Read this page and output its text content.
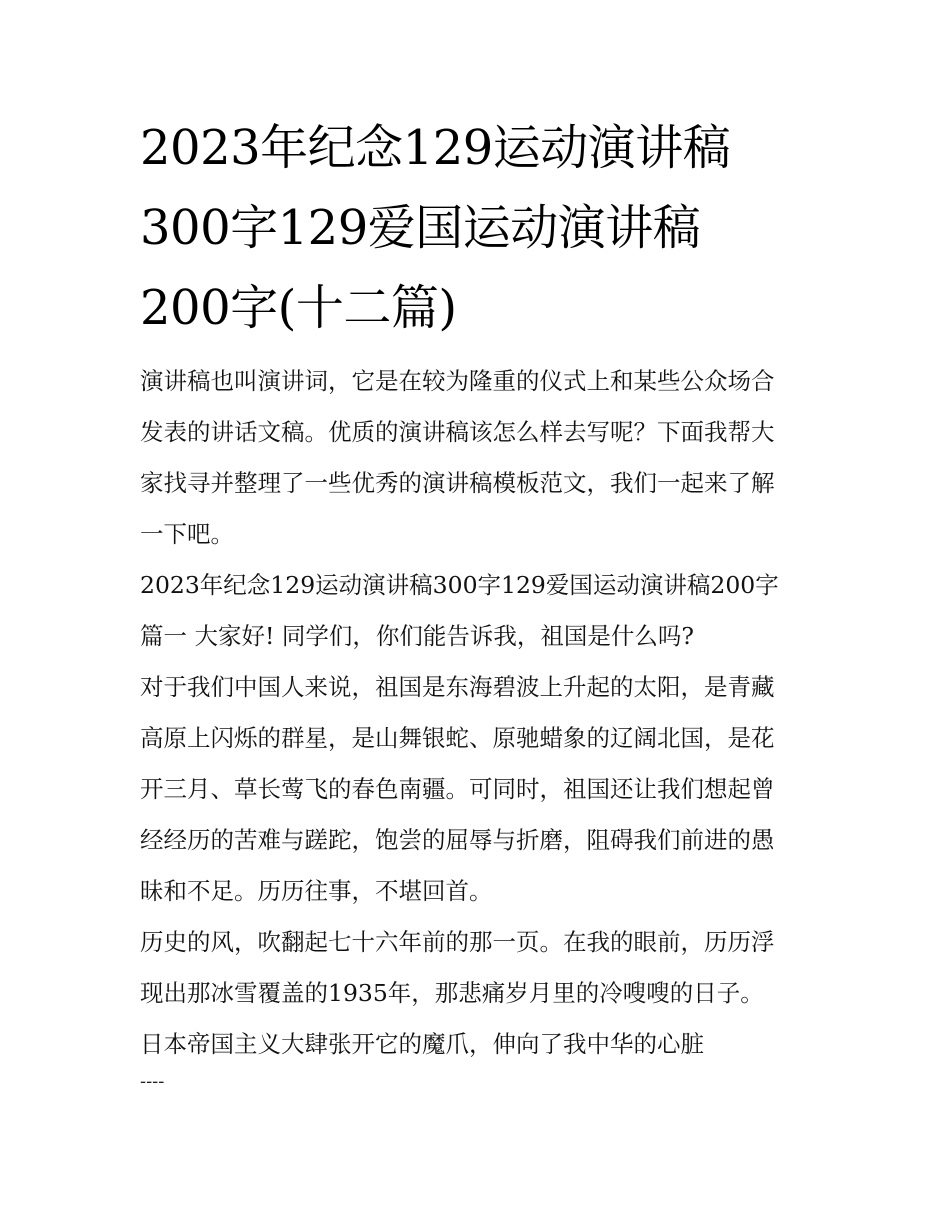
2023年纪念129运动演讲稿
300字129爱国运动演讲稿
200字(十二篇)

演讲稿也叫演讲词，它是在较为隆重的仪式上和某些公众场合
发表的讲话文稿。优质的演讲稿该怎么样去写呢？下面我帮大
家找寻并整理了一些优秀的演讲稿模板范文，我们一起来了解
一下吧。

2023年纪念129运动演讲稿300字129爱国运动演讲稿200字

篇一 大家好! 同学们，你们能告诉我，祖国是什么吗?

对于我们中国人来说，祖国是东海碧波上升起的太阳，是青藏
高原上闪烁的群星，是山舞银蛇、原驰蜡象的辽阔北国，是花
开三月、草长莺飞的春色南疆。可同时，祖国还让我们想起曾
经经历的苦难与蹉跎，饱尝的屈辱与折磨，阻碍我们前进的愚
昧和不足。历历往事，不堪回首。

历史的风，吹翻起七十六年前的那一页。在我的眼前，历历浮
现出那冰雪覆盖的1935年，那悲痛岁月里的冷嗖嗖的日子。

日本帝国主义大肆张开它的魔爪，伸向了我中华的心脏

----
